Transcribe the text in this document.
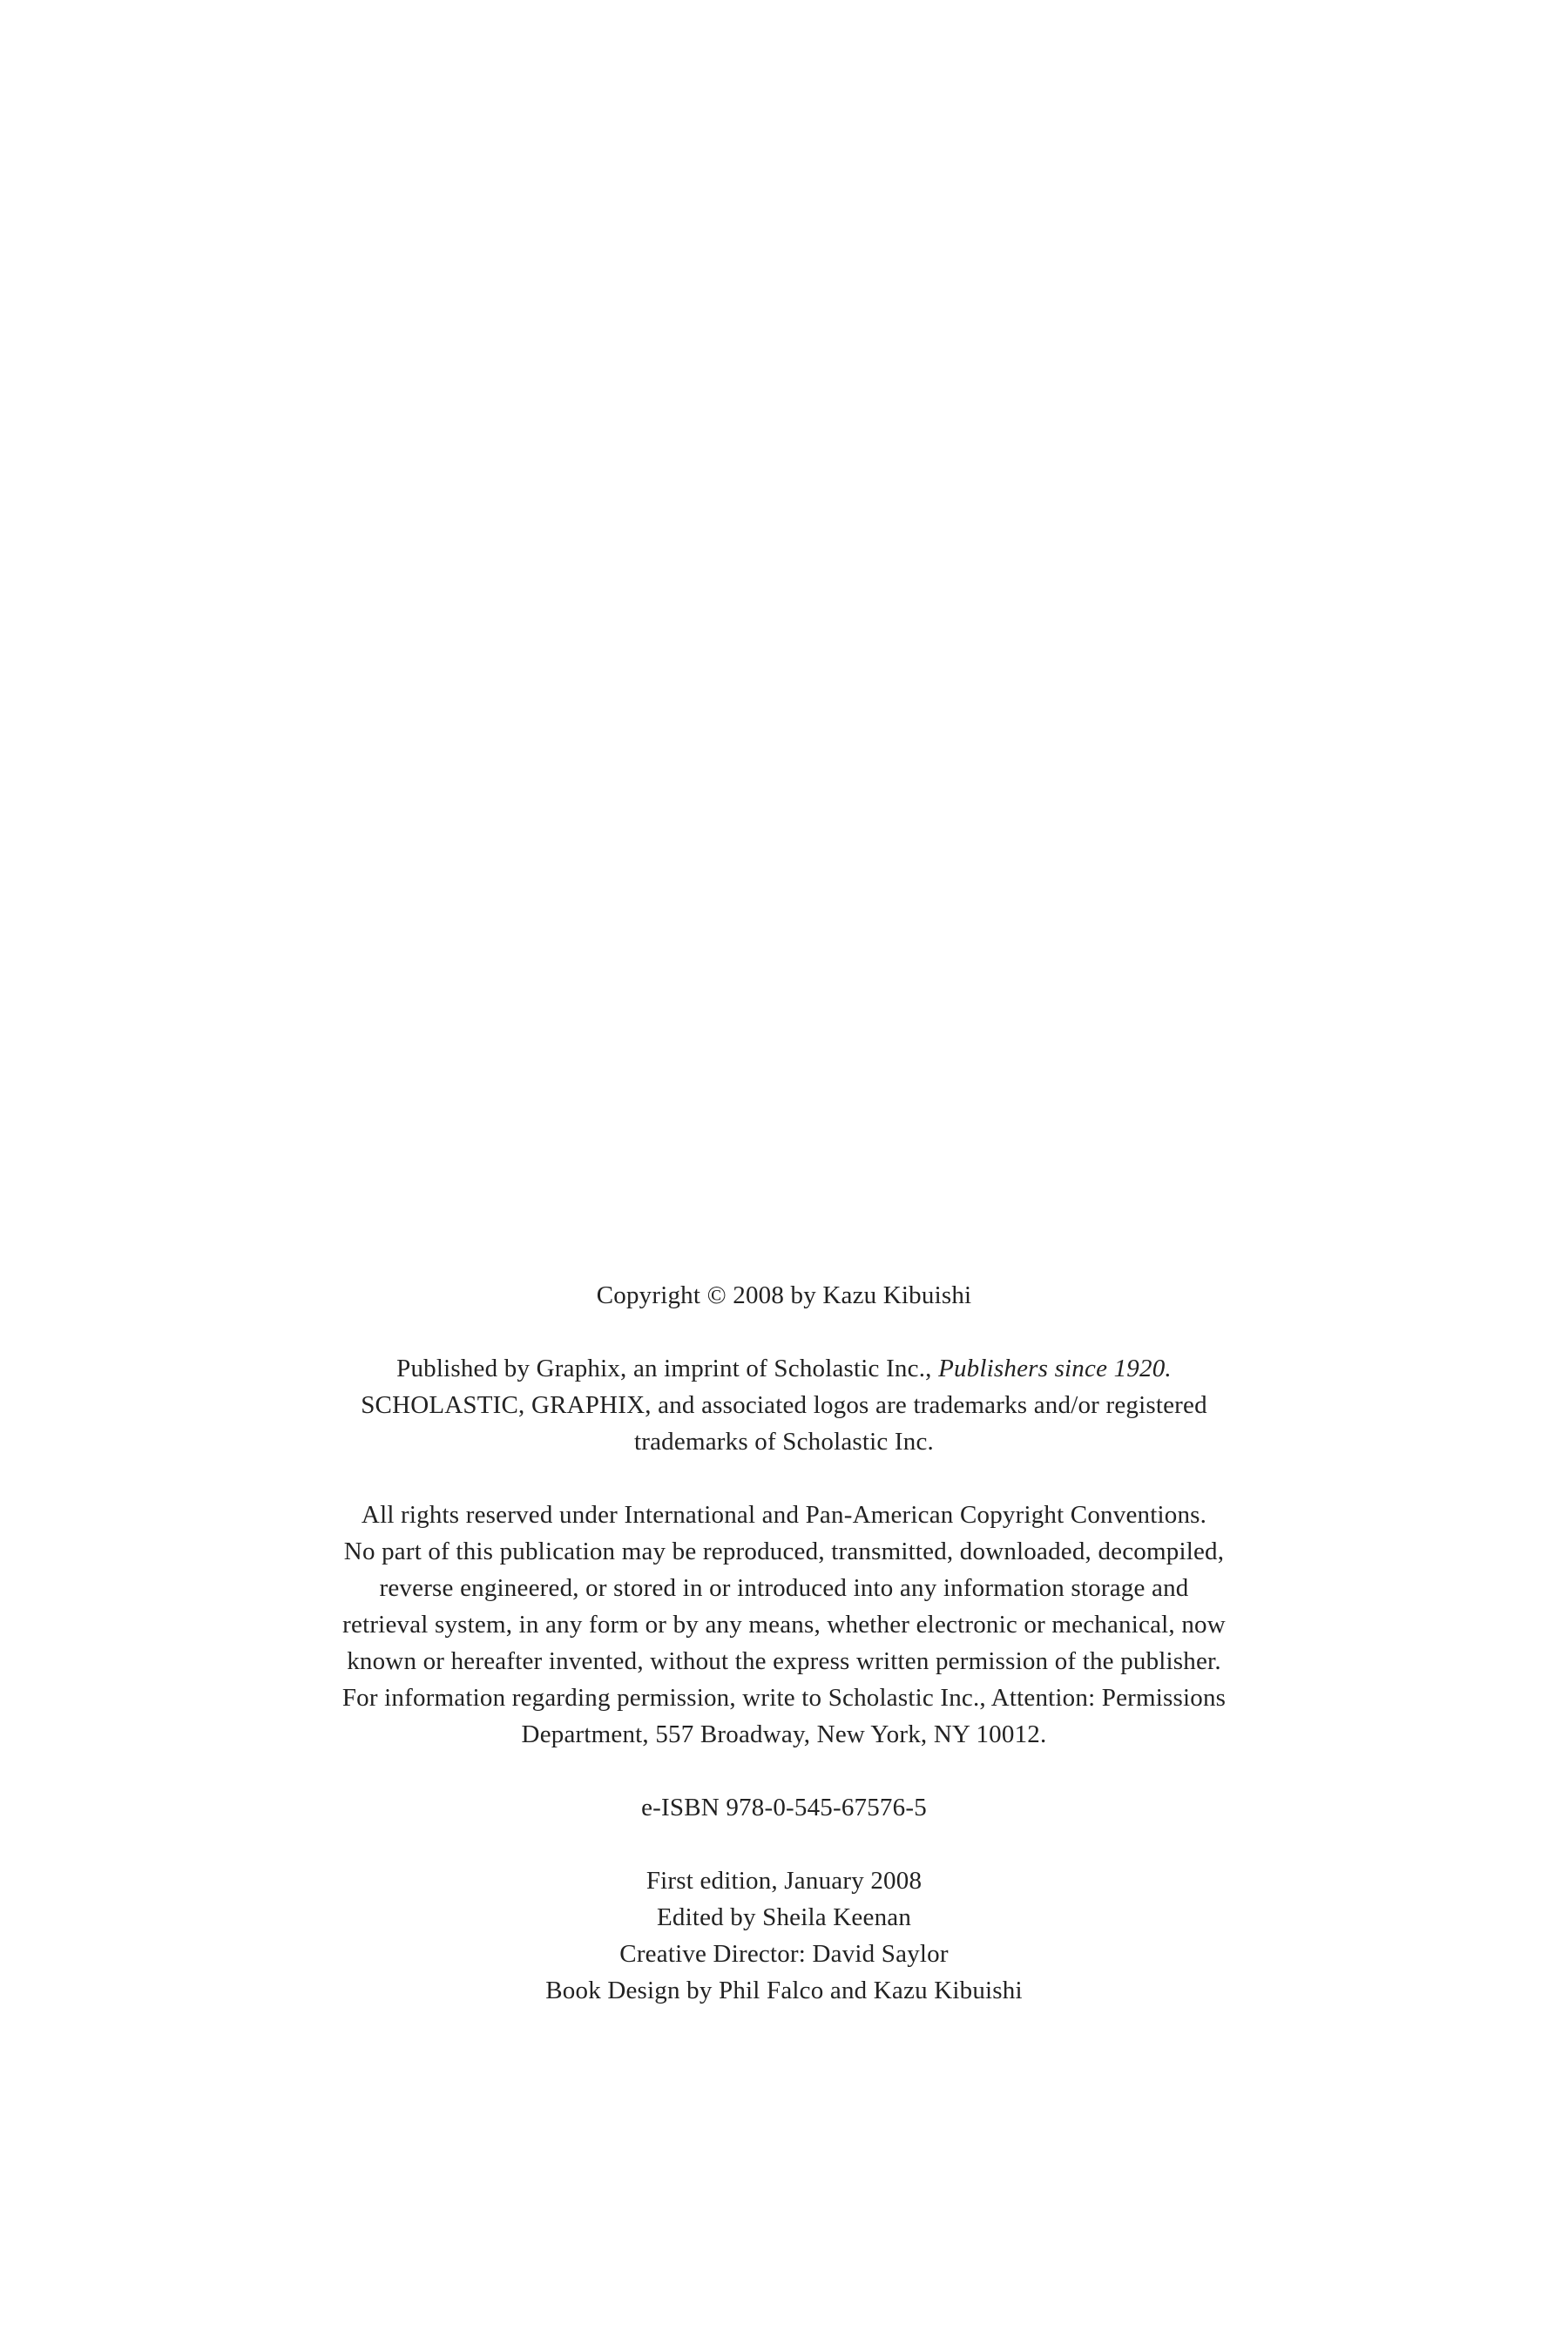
Copyright © 2008 by Kazu Kibuishi

Published by Graphix, an imprint of Scholastic Inc., Publishers since 1920.
SCHOLASTIC, GRAPHIX, and associated logos are trademarks and/or registered
trademarks of Scholastic Inc.

All rights reserved under International and Pan-American Copyright Conventions.
No part of this publication may be reproduced, transmitted, downloaded, decompiled,
reverse engineered, or stored in or introduced into any information storage and
retrieval system, in any form or by any means, whether electronic or mechanical, now
known or hereafter invented, without the express written permission of the publisher.
For information regarding permission, write to Scholastic Inc., Attention: Permissions
Department, 557 Broadway, New York, NY 10012.

e-ISBN 978-0-545-67576-5

First edition, January 2008
Edited by Sheila Keenan
Creative Director: David Saylor
Book Design by Phil Falco and Kazu Kibuishi
